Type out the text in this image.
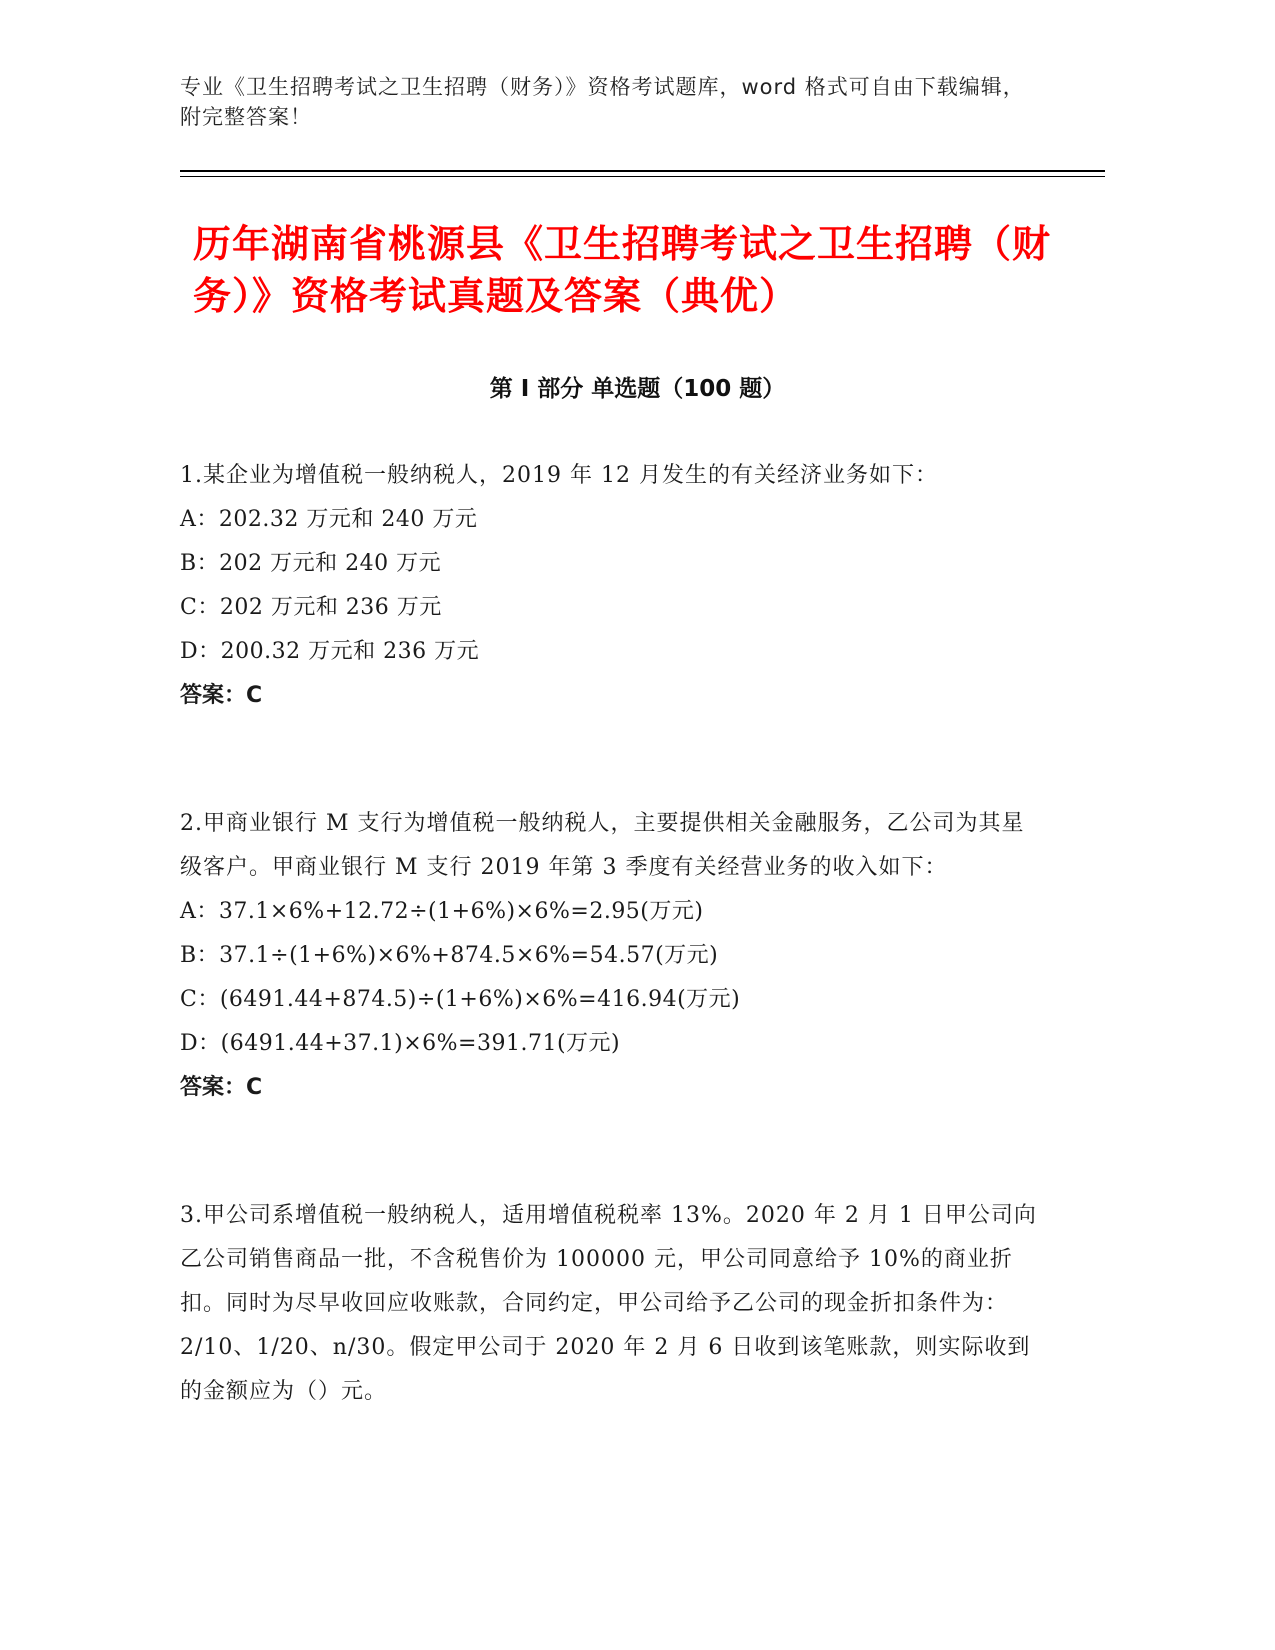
专业《卫生招聘考试之卫生招聘（财务）》资格考试题库，word 格式可自由下载编辑，附完整答案！
历年湖南省桃源县《卫生招聘考试之卫生招聘（财务）》资格考试真题及答案（典优）
第 I 部分 单选题（100 题）

1.某企业为增值税一般纳税人，2019 年 12 月发生的有关经济业务如下：

A：202.32 万元和 240 万元

B：202 万元和 240 万元

C：202 万元和 236 万元

D：200.32 万元和 236 万元

答案：C

2.甲商业银行 M 支行为增值税一般纳税人，主要提供相关金融服务，乙公司为其星级客户。甲商业银行 M 支行 2019 年第 3 季度有关经营业务的收入如下：

A：37.1×6%+12.72÷(1+6%)×6%=2.95(万元)

B：37.1÷(1+6%)×6%+874.5×6%=54.57(万元)

C：(6491.44+874.5)÷(1+6%)×6%=416.94(万元)

D：(6491.44+37.1)×6%=391.71(万元)

答案：C

3.甲公司系增值税一般纳税人，适用增值税税率 13%。2020 年 2 月 1 日甲公司向乙公司销售商品一批，不含税售价为 100000 元，甲公司同意给予 10%的商业折扣。同时为尽早收回应收账款，合同约定，甲公司给予乙公司的现金折扣条件为：2/10、1/20、n/30。假定甲公司于 2020 年 2 月 6 日收到该笔账款，则实际收到的金额应为（）元。
